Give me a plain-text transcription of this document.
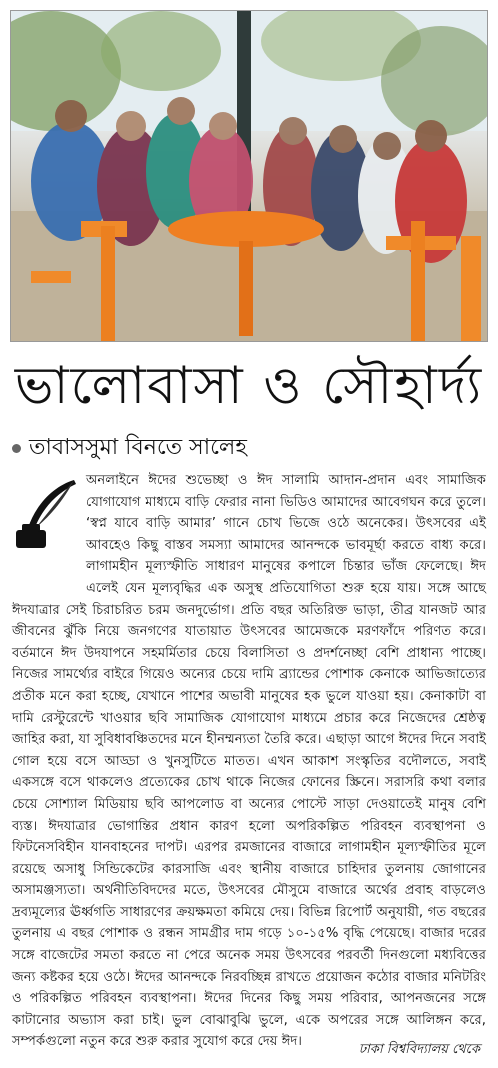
ভালোবাসা ও সৌহার্দ্য
তাবাসসুমা বিনতে সালেহ
অনলাইনে ঈদের শুভেচ্ছা ও ঈদ সালামি আদান-প্রদান এবং সামাজিক যোগাযোগ মাধ্যমে বাড়ি ফেরার নানা ভিডিও আমাদের আবেগঘন করে তুলে। ‘স্বপ্ন যাবে বাড়ি আমার’ গানে চোখ ভিজে ওঠে অনেকের। উৎসবের এই আবহেও কিছু বাস্তব সমস্যা আমাদের আনন্দকে ভাবমূর্ছা করতে বাধ্য করে। লাগামহীন মূল্যস্ফীতি সাধারণ মানুষের কপালে চিন্তার ভাঁজ ফেলেছে। ঈদ এলেই যেন মূল্যবৃদ্ধির এক অসুস্থ প্রতিযোগিতা শুরু হয়ে যায়। সঙ্গে আছে ঈদযাত্রার সেই চিরাচরিত চরম জনদুর্ভোগ। প্রতি বছর অতিরিক্ত ভাড়া, তীব্র যানজট আর জীবনের ঝুঁকি নিয়ে জনগণের যাতায়াত উৎসবের আমেজকে মরণফাঁদে পরিণত করে। বর্তমানে ঈদ উদযাপনে সহমর্মিতার চেয়ে বিলাসিতা ও প্রদর্শনেচ্ছা বেশি প্রাধান্য পাচ্ছে। নিজের সামর্থ্যের বাইরে গিয়েও অন্যের চেয়ে দামি ব্র্যান্ডের পোশাক কেনাকে আভিজাত্যের প্রতীক মনে করা হচ্ছে, যেখানে পাশের অভাবী মানুষের হক ভুলে যাওয়া হয়। কেনাকাটা বা দামি রেস্টুরেন্টে খাওয়ার ছবি সামাজিক যোগাযোগ মাধ্যমে প্রচার করে নিজেদের শ্রেষ্ঠত্ব জাহির করা, যা সুবিধাবঞ্চিতদের মনে হীনম্মন্যতা তৈরি করে। এছাড়া আগে ঈদের দিনে সবাই গোল হয়ে বসে আড্ডা ও খুনসুটিতে মাতত। এখন আকাশ সংস্কৃতির বদৌলতে, সবাই একসঙ্গে বসে থাকলেও প্রত্যেকের চোখ থাকে নিজের ফোনের স্ক্রিনে। সরাসরি কথা বলার চেয়ে সোশ্যাল মিডিয়ায় ছবি আপলোড বা অন্যের পোস্টে সাড়া দেওয়াতেই মানুষ বেশি ব্যস্ত। ঈদযাত্রার ভোগান্তির প্রধান কারণ হলো অপরিকল্পিত পরিবহন ব্যবস্থাপনা ও ফিটনেসবিহীন যানবাহনের দাপট। এরপর রমজানের বাজারে লাগামহীন মূল্যস্ফীতির মূলে রয়েছে অসাধু সিন্ডিকেটের কারসাজি এবং স্থানীয় বাজারে চাহিদার তুলনায় জোগানের অসামঞ্জস্যতা। অর্থনীতিবিদদের মতে, উৎসবের মৌসুমে বাজারে অর্থের প্রবাহ বাড়লেও দ্রব্যমূল্যের ঊর্ধ্বগতি সাধারণের ক্রয়ক্ষমতা কমিয়ে দেয়। বিভিন্ন রিপোর্ট অনুযায়ী, গত বছরের তুলনায় এ বছর পোশাক ও রন্ধন সামগ্রীর দাম গড়ে ১০-১৫% বৃদ্ধি পেয়েছে। বাজার দরের সঙ্গে বাজেটের সমতা করতে না পেরে অনেক সময় উৎসবের পরবর্তী দিনগুলো মধ্যবিত্তের জন্য কষ্টকর হয়ে ওঠে। ঈদের আনন্দকে নিরবচ্ছিন্ন রাখতে প্রয়োজন কঠোর বাজার মনিটরিং ও পরিকল্পিত পরিবহন ব্যবস্থাপনা। ঈদের দিনের কিছু সময় পরিবার, আপনজনের সঙ্গে কাটানোর অভ্যাস করা চাই। ভুল বোঝাবুঝি ভুলে, একে অপরের সঙ্গে আলিঙ্গন করে, সম্পর্কগুলো নতুন করে শুরু করার সুযোগ করে দেয় ঈদ।
ঢাকা বিশ্ববিদ্যালয় থেকে
